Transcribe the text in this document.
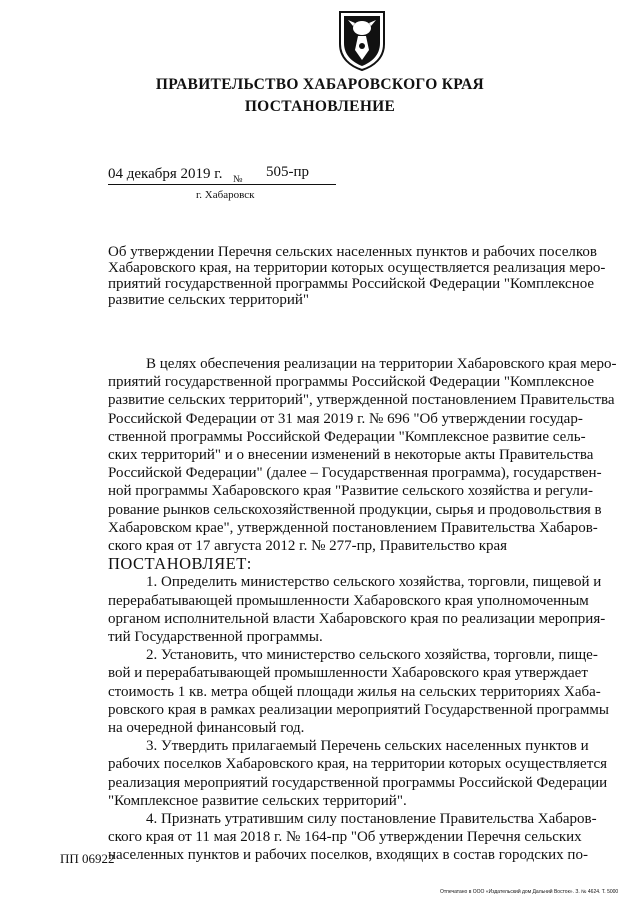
ПРАВИТЕЛЬСТВО ХАБАРОВСКОГО КРАЯ
ПОСТАНОВЛЕНИЕ
04 декабря 2019 г. № 505-пр
г. Хабаровск
Об утверждении Перечня сельских населенных пунктов и рабочих поселков
Хабаровского края, на территории которых осуществляется реализация меро-
приятий государственной программы Российской Федерации "Комплексное
развитие сельских территорий"
В целях обеспечения реализации на территории Хабаровского края меро-
приятий государственной программы Российской Федерации "Комплексное
развитие сельских территорий", утвержденной постановлением Правительства
Российской Федерации от 31 мая 2019 г. № 696 "Об утверждении государ-
ственной программы Российской Федерации "Комплексное развитие сель-
ских территорий" и о внесении изменений в некоторые акты Правительства
Российской Федерации" (далее – Государственная программа), государствен-
ной программы Хабаровского края "Развитие сельского хозяйства и регули-
рование рынков сельскохозяйственной продукции, сырья и продовольствия в
Хабаровском крае", утвержденной постановлением Правительства Хабаров-
ского края от 17 августа 2012 г. № 277-пр, Правительство края
ПОСТАНОВЛЯЕТ:
1. Определить министерство сельского хозяйства, торговли, пищевой и
перерабатывающей промышленности Хабаровского края уполномоченным
органом исполнительной власти Хабаровского края по реализации мероприя-
тий Государственной программы.
2. Установить, что министерство сельского хозяйства, торговли, пище-
вой и перерабатывающей промышленности Хабаровского края утверждает
стоимость 1 кв. метра общей площади жилья на сельских территориях Хаба-
ровского края в рамках реализации мероприятий Государственной программы
на очередной финансовый год.
3. Утвердить прилагаемый Перечень сельских населенных пунктов и
рабочих поселков Хабаровского края, на территории которых осуществляется
реализация мероприятий государственной программы Российской Федерации
"Комплексное развитие сельских территорий".
4. Признать утратившим силу постановление Правительства Хабаров-
ского края от 11 мая 2018 г. № 164-пр "Об утверждении Перечня сельских
населенных пунктов и рабочих поселков, входящих в состав городских по-
ПП 06922
Отпечатано в ООО «Издательский дом Дальний Восток». З. № 4624. Т. 5000
